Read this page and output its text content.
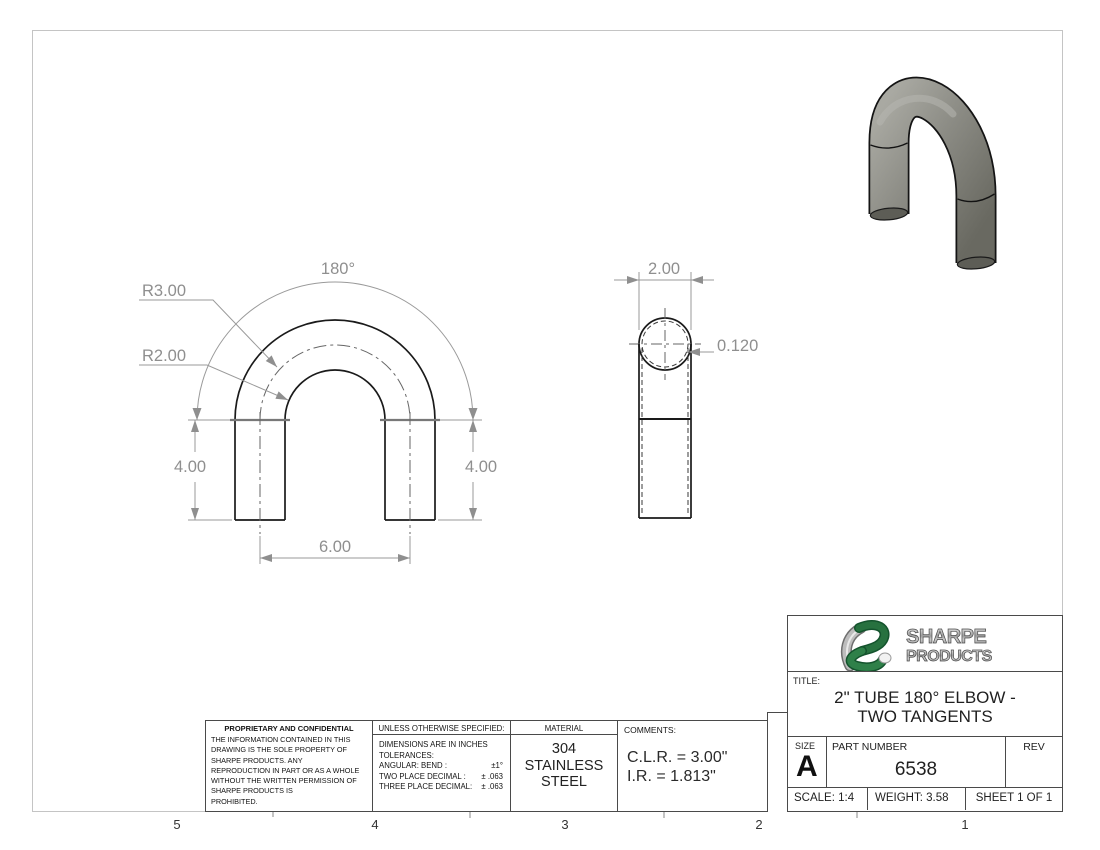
180°
R3.00
R2.00
4.00	4.00
6.00
2.00
0.120
5	4	3	2	1
PROPRIETARY AND CONFIDENTIAL
THE INFORMATION CONTAINED IN THIS
DRAWING IS THE SOLE PROPERTY OF
SHARPE PRODUCTS. ANY
REPRODUCTION IN PART OR AS A WHOLE
WITHOUT THE WRITTEN PERMISSION OF
SHARPE PRODUCTS IS
PROHIBITED.
UNLESS OTHERWISE SPECIFIED:
DIMENSIONS ARE IN INCHES
TOLERANCES:
ANGULAR: BEND :	±1°
TWO PLACE DECIMAL : ± .063
THREE PLACE DECIMAL: ± .063
MATERIAL
304
STAINLESS
STEEL
COMMENTS:
C.L.R. = 3.00"
I.R. = 1.813"
SHARPE
PRODUCTS
TITLE:
2" TUBE 180° ELBOW -
TWO TANGENTS
SIZE
A
PART NUMBER
6538
REV
SCALE: 1:4 WEIGHT: 3.58	SHEET 1 OF 1
